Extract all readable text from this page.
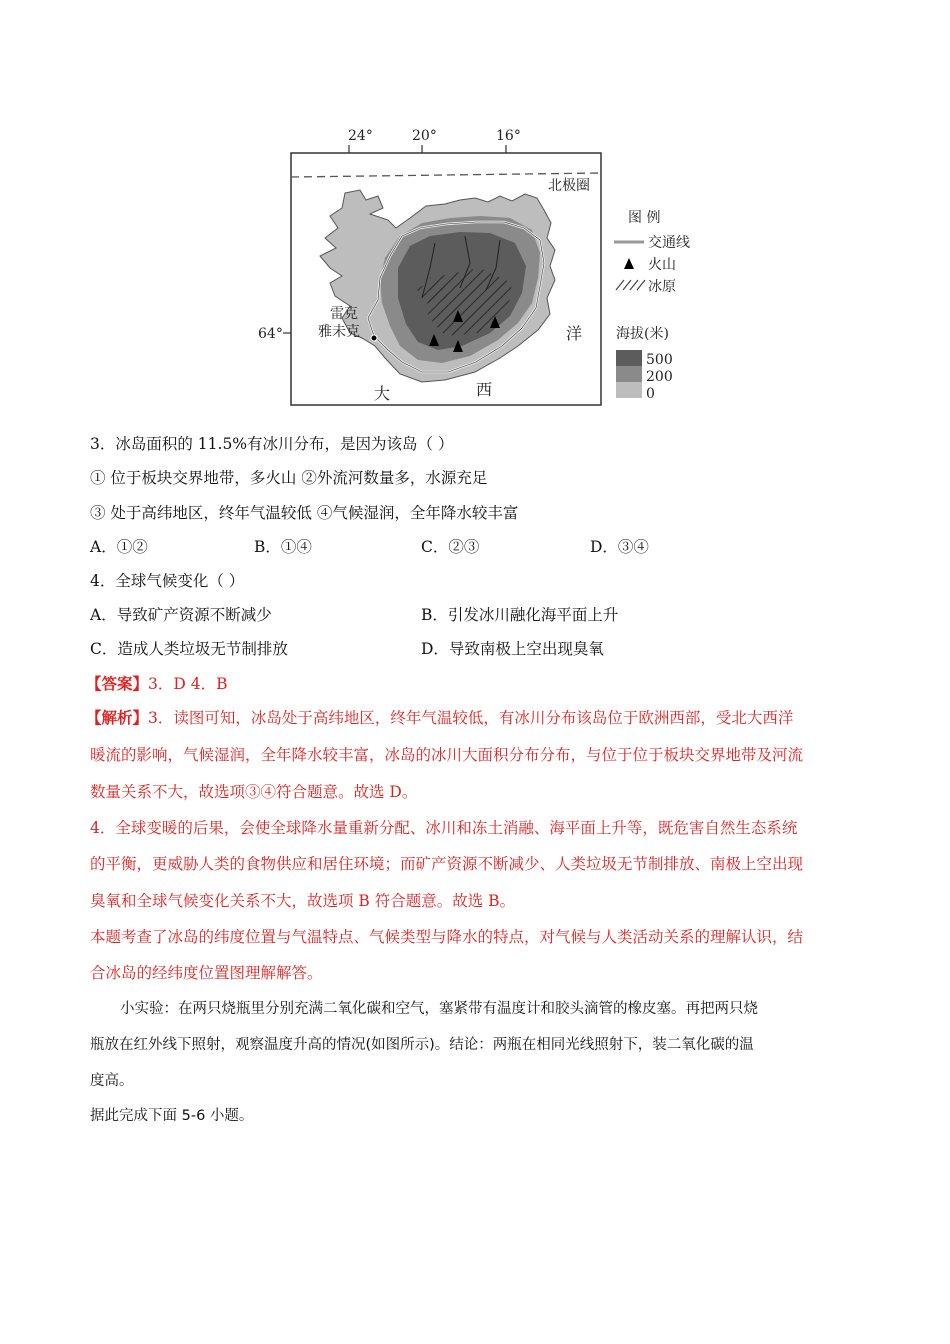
24°	20°	16°
北极圈
64°
雷克
雅未克
大	西
洋
图 例
交通线
火山
冰原
海拔(米)
500
200
0
3．冰岛面积的 11.5%有冰川分布，是因为该岛（ ）
① 位于板块交界地带，多火山 ②外流河数量多，水源充足
③ 处于高纬地区，终年气温较低 ④气候湿润，全年降水较丰富
A．①②	B．①④	C．②③	D．③④
4．全球气候变化（ ）
A．导致矿产资源不断减少	B．引发冰川融化海平面上升
C．造成人类垃圾无节制排放	D．导致南极上空出现臭氧
【答案】3．D 4．B
【解析】3．读图可知，冰岛处于高纬地区，终年气温较低，有冰川分布该岛位于欧洲西部，受北大西洋
暖流的影响，气候湿润，全年降水较丰富，冰岛的冰川大面积分布分布，与位于位于板块交界地带及河流
数量关系不大，故选项③④符合题意。故选 D。
4．全球变暖的后果，会使全球降水量重新分配、冰川和冻土消融、海平面上升等，既危害自然生态系统
的平衡，更威胁人类的食物供应和居住环境；而矿产资源不断减少、人类垃圾无节制排放、南极上空出现
臭氧和全球气候变化关系不大，故选项 B 符合题意。故选 B。
本题考查了冰岛的纬度位置与气温特点、气候类型与降水的特点，对气候与人类活动关系的理解认识，结
合冰岛的经纬度位置图理解解答。
小实验：在两只烧瓶里分别充满二氧化碳和空气，塞紧带有温度计和胶头滴管的橡皮塞。再把两只烧
瓶放在红外线下照射，观察温度升高的情况(如图所示)。结论：两瓶在相同光线照射下，装二氧化碳的温
度高。
据此完成下面 5-6 小题。
